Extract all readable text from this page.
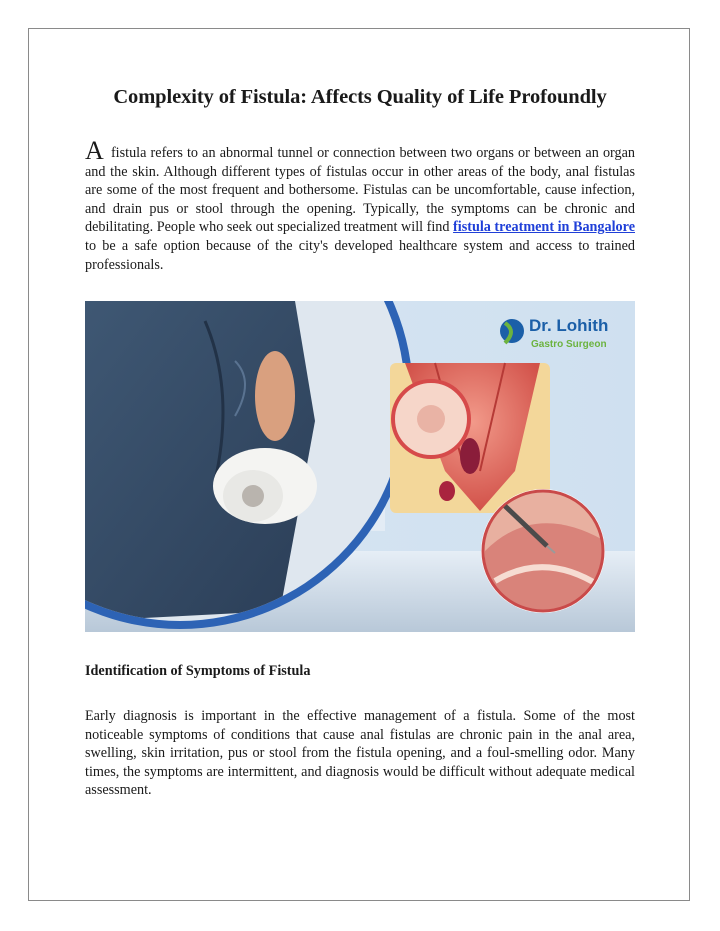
Complexity of Fistula: Affects Quality of Life Profoundly

A fistula refers to an abnormal tunnel or connection between two organs or between an organ and the skin. Although different types of fistulas occur in other areas of the body, anal fistulas are some of the most frequent and bothersome. Fistulas can be uncomfortable, cause infection, and drain pus or stool through the opening. Typically, the symptoms can be chronic and debilitating. People who seek out specialized treatment will find fistula treatment in Bangalore to be a safe option because of the city's developed healthcare system and access to trained professionals.

Dr. Lohith
Gastro Surgeon
Identification of Symptoms of Fistula

Early diagnosis is important in the effective management of a fistula. Some of the most noticeable symptoms of conditions that cause anal fistulas are chronic pain in the anal area, swelling, skin irritation, pus or stool from the fistula opening, and a foul-smelling odor. Many times, the symptoms are intermittent, and diagnosis would be difficult without adequate medical assessment.
